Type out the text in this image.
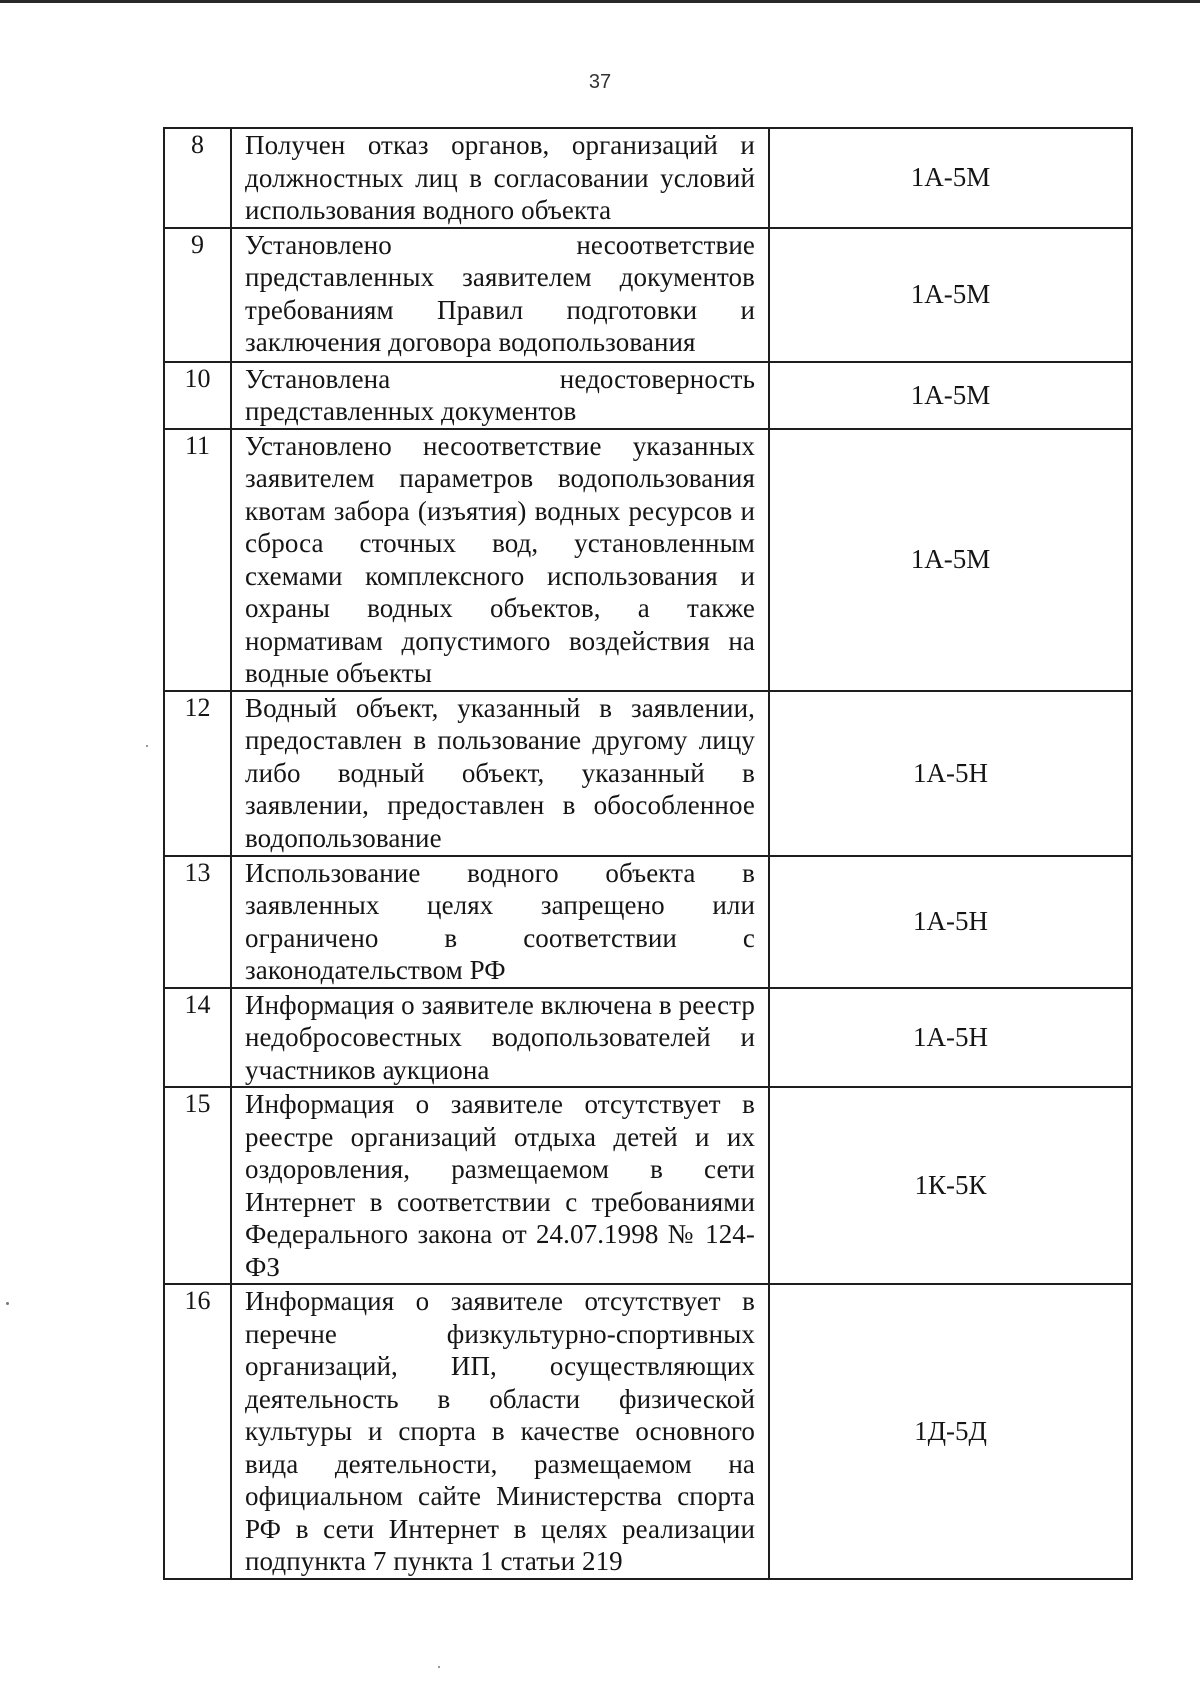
37
8	Получен отказ органов, организаций и должностных лиц в согласовании условий использования водного объекта	1А-5М
9	Установлено несоответствие представленных заявителем документов требованиям Правил подготовки и заключения договора водопользования	1А-5М
10	Установлена недостоверность представленных документов	1А-5М
11	Установлено несоответствие указанных заявителем параметров водопользования квотам забора (изъятия) водных ресурсов и сброса сточных вод, установленным схемами комплексного использования и охраны водных объектов, а также нормативам допустимого воздействия на водные объекты	1А-5М
12	Водный объект, указанный в заявлении, предоставлен в пользование другому лицу либо водный объект, указанный в заявлении, предоставлен в обособленное водопользование	1А-5Н
13	Использование водного объекта в заявленных целях запрещено или ограничено в соответствии с законодательством РФ	1А-5Н
14	Информация о заявителе включена в реестр недобросовестных водопользователей и участников аукциона	1А-5Н
15	Информация о заявителе отсутствует в реестре организаций отдыха детей и их оздоровления, размещаемом в сети Интернет в соответствии с требованиями Федерального закона от 24.07.1998 № 124-ФЗ	1К-5К
16	Информация о заявителе отсутствует в перечне физкультурно-спортивных организаций, ИП, осуществляющих деятельность в области физической культуры и спорта в качестве основного вида деятельности, размещаемом на официальном сайте Министерства спорта РФ в сети Интернет в целях реализации подпункта 7 пункта 1 статьи 219	1Д-5Д
